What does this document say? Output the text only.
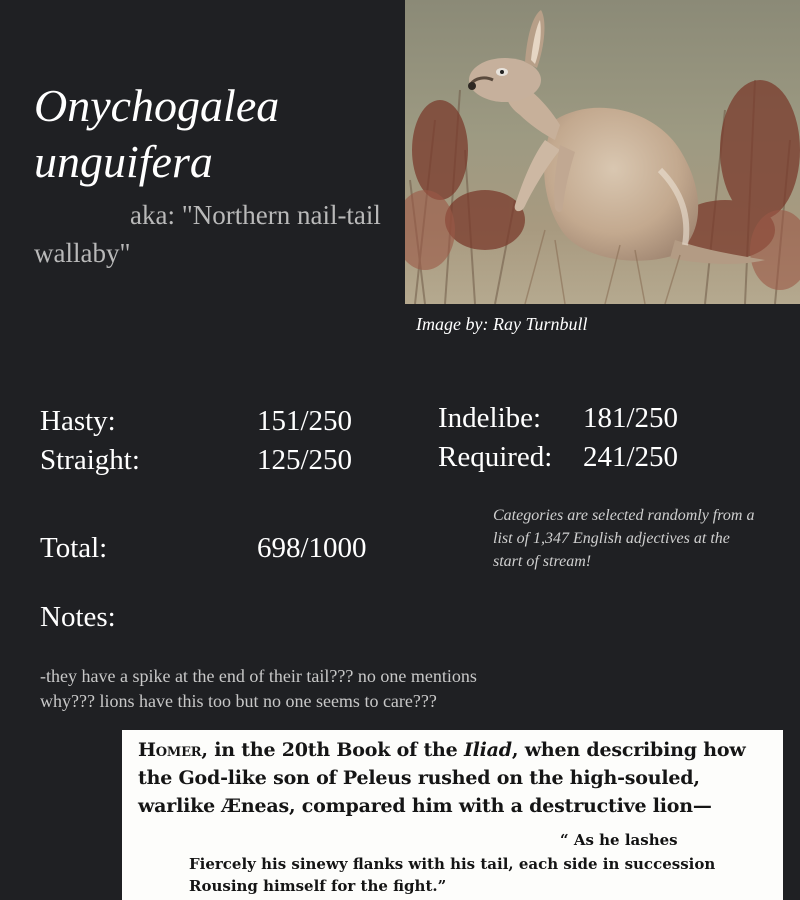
Onychogalea
unguifera
aka: "Northern nail-tail wallaby"
Image by: Ray Turnbull
Hasty:	151/250
Straight:	125/250
Indelibe: 181/250
Required: 241/250
Total:	698/1000
Categories are selected randomly from a list of 1,347 English adjectives at the start of stream!
Notes:
-they have a spike at the end of their tail??? no one mentions why??? lions have this too but no one seems to care???
Homer, in the 20th Book of the Iliad, when describing how the God-like son of Peleus rushed on the high-souled, warlike Æneas, compared him with a destructive lion—
“ As he lashes
Fiercely his sinewy flanks with his tail, each side in succession
Rousing himself for the fight.”
